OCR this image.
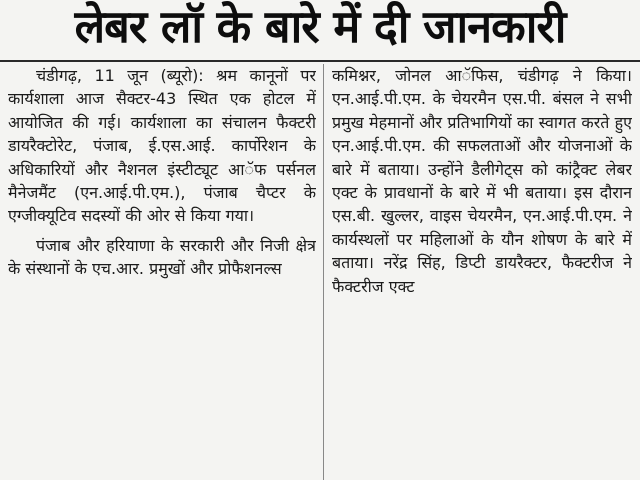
लेबर लॉ के बारे में दी जानकारी

चंडीगढ़, 11 जून (ब्यूरो): श्रम कानूनों पर कार्यशाला आज सैक्टर-43 स्थित एक होटल में आयोजित की गई। कार्यशाला का संचालन फैक्टरी डायरैक्टोरेट, पंजाब, ई.एस.आई. कार्पोरेशन के अधिकारियों और नैशनल इंस्टीट्यूट आॅफ पर्सनल मैनेजमैंट (एन.आई.पी.एम.), पंजाब चैप्टर के एग्जीक्यूटिव सदस्यों की ओर से किया गया।

पंजाब और हरियाणा के सरकारी और निजी क्षेत्र के संस्थानों के एच.आर. प्रमुखों और प्रोफैशनल्स

कमिश्नर, जोनल आॅफिस, चंडीगढ़ ने किया। एन.आई.पी.एम. के चेयरमैन एस.पी. बंसल ने सभी प्रमुख मेहमानों और प्रतिभागियों का स्वागत करते हुए एन.आई.पी.एम. की सफलताओं और योजनाओं के बारे में बताया। उन्होंने डैलीगेट्स को कांट्रैक्ट लेबर एक्ट के प्रावधानों के बारे में भी बताया। इस दौरान एस.बी. खुल्लर, वाइस चेयरमैन, एन.आई.पी.एम. ने कार्यस्थलों पर महिलाओं के यौन शोषण के बारे में बताया। नरेंद्र सिंह, डिप्टी डायरैक्टर, फैक्टरीज ने फैक्टरीज एक्ट
